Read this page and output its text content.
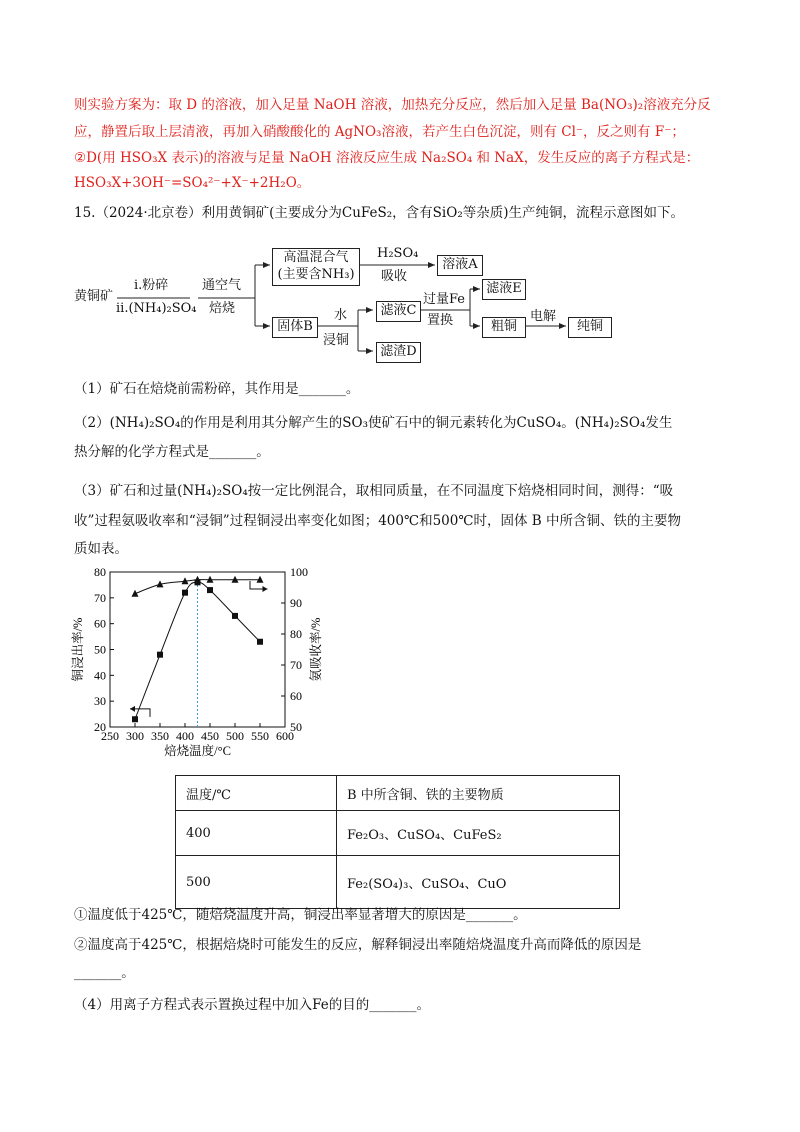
则实验方案为：取 D 的溶液，加入足量 NaOH 溶液，加热充分反应，然后加入足量 Ba(NO₃)₂溶液充分反
应，静置后取上层清液，再加入硝酸酸化的 AgNO₃溶液，若产生白色沉淀，则有 Cl⁻，反之则有 F⁻；
②D(用 HSO₃X 表示)的溶液与足量 NaOH 溶液反应生成 Na₂SO₄ 和 NaX，发生反应的离子方程式是：
HSO₃X+3OH⁻=SO₄²⁻+X⁻+2H₂O。
15.（2024·北京卷）利用黄铜矿(主要成分为CuFeS₂，含有SiO₂等杂质)生产纯铜，流程示意图如下。
黄铜矿
i.粉碎
ii.(NH₄)₂SO₄
通空气
焙烧
高温混合气
(主要含NH₃)
H₂SO₄
吸收
溶液A
固体B
水
浸铜
滤液C
滤渣D
过量Fe
置换
滤液E
粗铜
电解
纯铜
（1）矿石在焙烧前需粉碎，其作用是_______。
（2）(NH₄)₂SO₄的作用是利用其分解产生的SO₃使矿石中的铜元素转化为CuSO₄。(NH₄)₂SO₄发生
热分解的化学方程式是_______。
（3）矿石和过量(NH₄)₂SO₄按一定比例混合，取相同质量，在不同温度下焙烧相同时间，测得：“吸
收”过程氨吸收率和“浸铜”过程铜浸出率变化如图；400℃和500℃时，固体 B 中所含铜、铁的主要物
质如表。
250 300 350 400 450 500 550 600
20
30
40
50
60
70
80
50
60
70
80
90
100
焙烧温度/°C
铜浸出率/%	氨吸收率/%
温度/℃	B 中所含铜、铁的主要物质
400	Fe₂O₃、CuSO₄、CuFeS₂
500	Fe₂(SO₄)₃、CuSO₄、CuO
①温度低于425℃，随焙烧温度升高，铜浸出率显著增大的原因是_______。
②温度高于425℃，根据焙烧时可能发生的反应，解释铜浸出率随焙烧温度升高而降低的原因是
_______。
（4）用离子方程式表示置换过程中加入Fe的目的_______。
